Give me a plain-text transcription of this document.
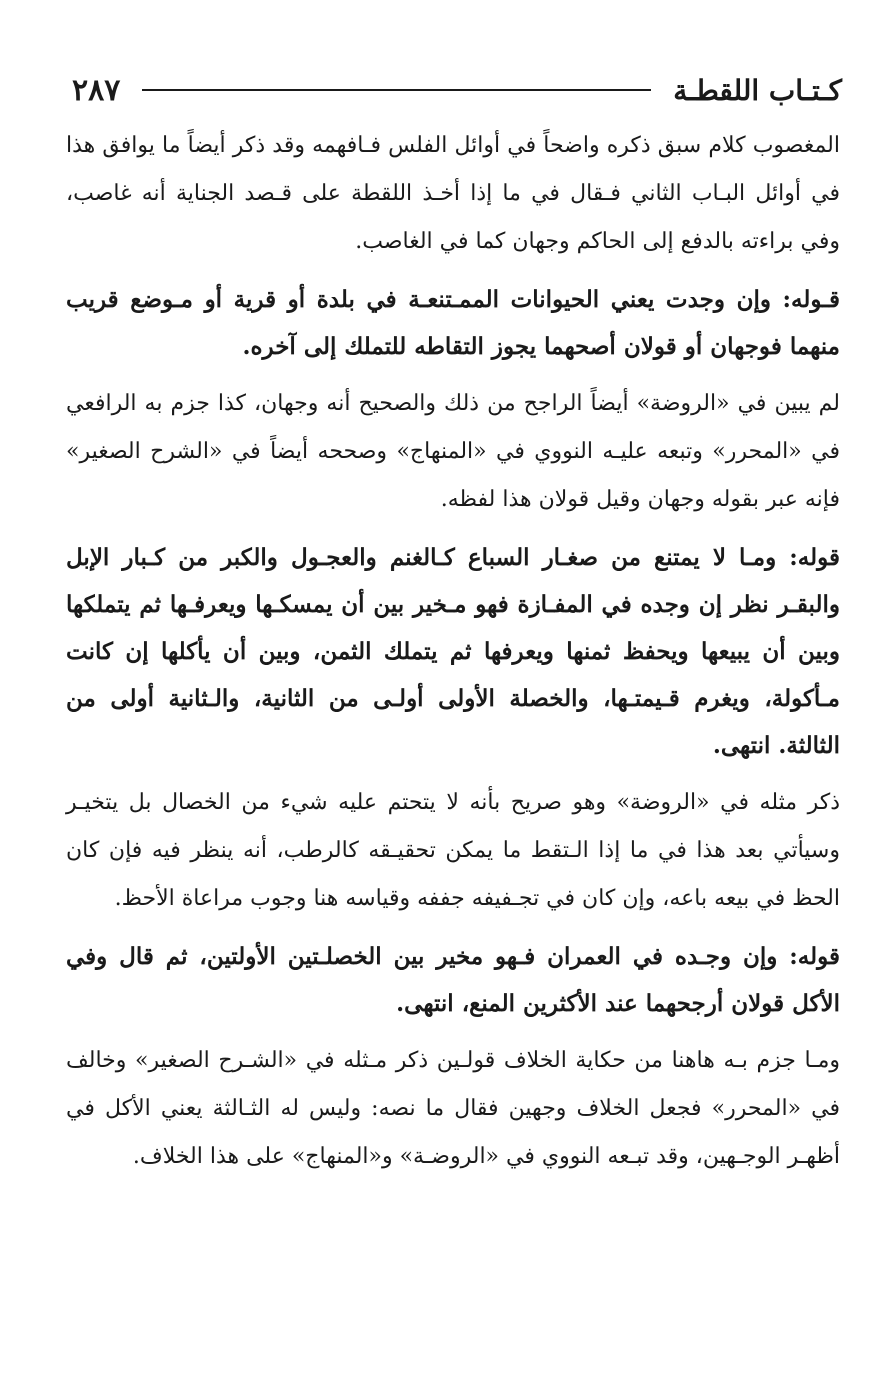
كـتـاب اللقطـة
٢٨٧

المغصوب كلام سبق ذكره واضحاً في أوائل الفلس فـافهمه وقد ذكر أيضاً ما يوافق هذا في أوائل البـاب الثاني فـقال في ما إذا أخـذ اللقطة على قـصد الجناية أنه غاصب، وفي براءته بالدفع إلى الحاكم وجهان كما في الغاصب.

قـوله: وإن وجدت يعني الحيوانات الممـتنعـة في بلدة أو قرية أو مـوضع قريب منهما فوجهان أو قولان أصحهما يجوز التقاطه للتملك إلى آخره.

لم يبين في «الروضة» أيضاً الراجح من ذلك والصحيح أنه وجهان، كذا جزم به الرافعي في «المحرر» وتبعه عليـه النووي في «المنهاج» وصححه أيضاً في «الشرح الصغير» فإنه عبر بقوله وجهان وقيل قولان هذا لفظه.

قوله: ومـا لا يمتنع من صغـار السباع كـالغنم والعجـول والكبر من كـبار الإبل والبقـر نظر إن وجده في المفـازة فهو مـخير بين أن يمسكـها ويعرفـها ثم يتملكها وبين أن يبيعها ويحفظ ثمنها ويعرفها ثم يتملك الثمن، وبين أن يأكلها إن كانت مـأكولة، ويغرم قـيمتـها، والخصلة الأولى أولـى من الثانية، والـثانية أولى من الثالثة. انتهى.

ذكر مثله في «الروضة» وهو صريح بأنه لا يتحتم عليه شيء من الخصال بل يتخيـر وسيأتي بعد هذا في ما إذا الـتقط ما يمكن تحقيـقه كالرطب، أنه ينظر فيه فإن كان الحظ في بيعه باعه، وإن كان في تجـفيفه جففه وقياسه هنا وجوب مراعاة الأحظ.

قوله: وإن وجـده في العمران فـهو مخير بين الخصلـتين الأولتين، ثم قال وفي الأكل قولان أرجحهما عند الأكثرين المنع، انتهى.

ومـا جزم بـه هاهنا من حكاية الخلاف قولـين ذكر مـثله في «الشـرح الصغير» وخالف في «المحرر» فجعل الخلاف وجهين فقال ما نصه: وليس له الثـالثة يعني الأكل في أظهـر الوجـهين، وقد تبـعه النووي في «الروضـة» و«المنهاج» على هذا الخلاف.
